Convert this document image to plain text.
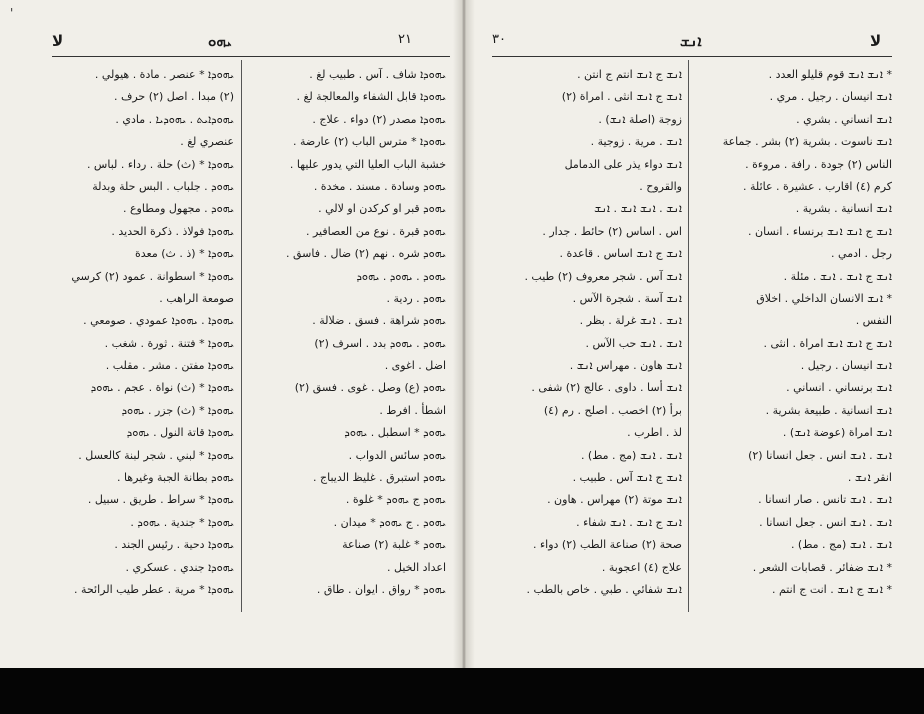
'
ﻻ	ܝܗܘ	٢١
ܝܗܘܕܐ * عنصر . مادة . هيولي .
(٢) مبدا . اصل (٢) حرف .
ܝܗܘܕܐܝܬ . ܝܗܘܕܝܐ . مادي .
عنصري لغ .
ܝܗܘܕܐ * (ث) حلة . رداء . لباس .
ܝܗܘܕ . جلباب . البس حلة وبدلة
ܝܗܘܕ . مجهول ومطاوع .
ܝܗܘܕܐ فولاذ . ذكرة الحديد .
ܝܗܘܕܐ * (ذ . ث) معدة
ܝܗܘܕܐ * اسطوانة . عمود (٢) كرسي
صومعة الراهب .
ܝܗܘܕܐ . ܝܗܘܕܐ عمودي . صومعي .
ܝܗܘܕܐ * فتنة . ثورة . شغب .
ܝܗܘܕܐ مفتن . مشر . مقلب .
ܝܗܘܕܐ * (ث) نواة . عجم . ܝܗܘܕ
ܝܗܘܕܐ * (ث) جزر . ܝܗܘܕ
ܝܗܘܕܐ قاتة النول . ܝܗܘܕ
ܝܗܘܕܐ * لبني . شجر لبنة كالعسل .
ܝܗܘܕ بطانة الجبة وغيرها .
ܝܗܘܕܐ * سراط . طريق . سبيل .
ܝܗܘܕܐ * جندية . ܝܗܘܕ .
ܝܗܘܕܐ دحية . رئيس الجند .
ܝܗܘܕܐ جندي . عسكري .
ܝܗܘܕܐ * مرية . عطر طيب الرائحة .
ܝܗܘܕܐ شاف . آس . طبيب لغ .
ܝܗܘܕܐ قابل الشفاء والمعالجة لغ .
ܝܗܘܕܐ مصدر (٢) دواء . علاج .
ܝܗܘܕܐ * مترس الباب (٢) عارضة .
خشبة الباب العليا التي يدور عليها .
ܝܗܘܕ وسادة . مسند . مخدة .
ܝܗܘܕ قبر او كركدن او لالي .
ܝܗܘܕ قبرة . نوع من العصافير .
ܝܗܘܕ شره . نهم (٢) ضال . فاسق .
ܝܗܘܕ . ܝܗܘܕ . ܝܗܘܕ
ܝܗܘܕ . ردية .
ܝܗܘܕ شراهة . فسق . ضلالة .
ܝܗܘܕ . ܝܗܘܕ بدد . اسرف (٢)
اضل . اغوى .
ܝܗܘܕ (ع) وصل . غوى . فسق (٢)
اشطأ . افرط .
ܝܗܘܕ * اسطبل . ܝܗܘܕ
ܝܗܘܕ سائس الدواب .
ܝܗܘܕ استبرق . غليظ الديباج .
ܝܗܘܕ ج ܝܗܘܕ * غلوة .
ܝܗܘܕ . ج ܝܗܘܕ * ميدان .
ܝܗܘܕ * غلبة (٢) صناعة
اعداد الخيل .
ܝܗܘܕ * رواق . ايوان . طاق .
٣٠	ܐܢܫ	ﻻ
ܐܢܫ ج ܐܢܫ انتم ج انتن .
ܐܢܫ ج ܐܢܫ انثى . امراة (٢)
زوجة (اصلة ܐܢܫ) .
ܐܢܫ . مرية . زوجية .
ܐܢܫ دواء يذر على الدمامل
والقروح .
ܐܢܫ . ܐܢܫ ܐܢܫ . ܐܢܫ
اس . اساس (٢) حائط . جدار .
ܐܢܫ ج ܐܢܫ اساس . قاعدة .
ܐܢܫ آس . شجر معروف (٢) طيب .
ܐܢܫ آسة . شجرة الآس .
ܐܢܫ . ܐܢܫ غرلة . بظر .
ܐܢܫ . ܐܢܫ حب الآس .
ܐܢܫ هاون . مهراس ܐܢܫ .
ܐܢܫ أسا . داوى . عالج (٢) شفى .
برأ (٢) اخصب . اصلح . رم (٤)
لذ . اطرب .
ܐܢܫ . ܐܢܫ (مج . مط) .
ܐܢܫ ج ܐܢܫ آس . طبيب .
ܐܢܫ موتة (٢) مهراس . هاون .
ܐܢܫ ج ܐܢܫ . ܐܢܫ شفاء .
صحة (٢) صناعة الطب (٢) دواء .
علاج (٤) اعجوبة .
ܐܢܫ شفائي . طبي . خاص بالطب .
* ܐܢܫ ܐܢܫ قوم قليلو العدد .
ܐܢܫ انيسان . رجيل . مري .
ܐܢܫ انساني . بشري .
ܐܢܫ ناسوت . بشرية (٢) بشر . جماعة
الناس (٢) جودة . رافة . مروءة .
كرم (٤) اقارب . عشيرة . عائلة .
ܐܢܫ انسانية . بشرية .
ܐܢܫ ج ܐܢܫ ܐܢܫ برنساء . انسان .
رجل . ادمي .
ܐܢܫ ج ܐܢܫ . ܐܢܫ . مئلة .
* ܐܢܫ الانسان الداخلي . اخلاق
النفس .
ܐܢܫ ج ܐܢܫ ܐܢܫ امراة . انثى .
ܐܢܫ انيسان . رجيل .
ܐܢܫ برنساني . انساني .
ܐܢܫ انسانية . طبيعة بشرية .
ܐܢܫ امراة (عوضة ܐܢܫ) .
ܐܢܫ . ܐܢܫ انس . جعل انسانا (٢)
انقر ܐܢܫ .
ܐܢܫ . ܐܢܫ تانس . صار انسانا .
ܐܢܫ . ܐܢܫ انس . جعل انسانا .
ܐܢܫ . ܐܢܫ (مج . مط) .
* ܐܢܫ ضفائر . قصابات الشعر .
* ܐܢܫ ج ܐܢܫ . انت ج انتم .
